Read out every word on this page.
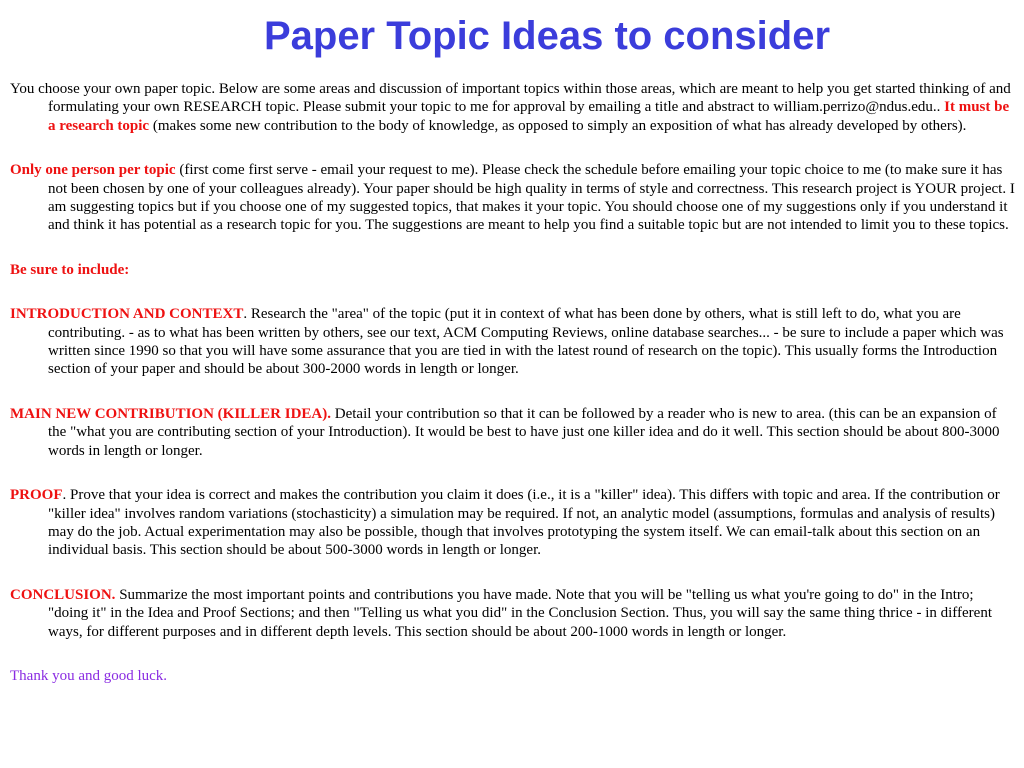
Paper Topic Ideas to consider

You choose your own paper topic. Below are some areas and discussion of important topics within those areas, which are meant to help you get started thinking of and formulating your own RESEARCH topic. Please submit your topic to me for approval by emailing a title and abstract to william.perrizo@ndus.edu.. It must be a research topic (makes some new contribution to the body of knowledge, as opposed to simply an exposition of what has already developed by others).

Only one person per topic (first come first serve - email your request to me). Please check the schedule before emailing your topic choice to me (to make sure it has not been chosen by one of your colleagues already). Your paper should be high quality in terms of style and correctness. This research project is YOUR project. I am suggesting topics but if you choose one of my suggested topics, that makes it your topic. You should choose one of my suggestions only if you understand it and think it has potential as a research topic for you. The suggestions are meant to help you find a suitable topic but are not intended to limit you to these topics.

Be sure to include:

INTRODUCTION AND CONTEXT. Research the "area" of the topic (put it in context of what has been done by others, what is still left to do, what you are contributing. - as to what has been written by others, see our text, ACM Computing Reviews, online database searches... - be sure to include a paper which was written since 1990 so that you will have some assurance that you are tied in with the latest round of research on the topic). This usually forms the Introduction section of your paper and should be about 300-2000 words in length or longer.

MAIN NEW CONTRIBUTION (KILLER IDEA). Detail your contribution so that it can be followed by a reader who is new to area. (this can be an expansion of the "what you are contributing section of your Introduction). It would be best to have just one killer idea and do it well. This section should be about 800-3000 words in length or longer.

PROOF. Prove that your idea is correct and makes the contribution you claim it does (i.e., it is a "killer" idea). This differs with topic and area. If the contribution or "killer idea" involves random variations (stochasticity) a simulation may be required. If not, an analytic model (assumptions, formulas and analysis of results) may do the job. Actual experimentation may also be possible, though that involves prototyping the system itself. We can email-talk about this section on an individual basis. This section should be about 500-3000 words in length or longer.

CONCLUSION. Summarize the most important points and contributions you have made. Note that you will be "telling us what you're going to do" in the Intro; "doing it" in the Idea and Proof Sections; and then "Telling us what you did" in the Conclusion Section. Thus, you will say the same thing thrice - in different ways, for different purposes and in different depth levels. This section should be about 200-1000 words in length or longer.

Thank you and good luck.
